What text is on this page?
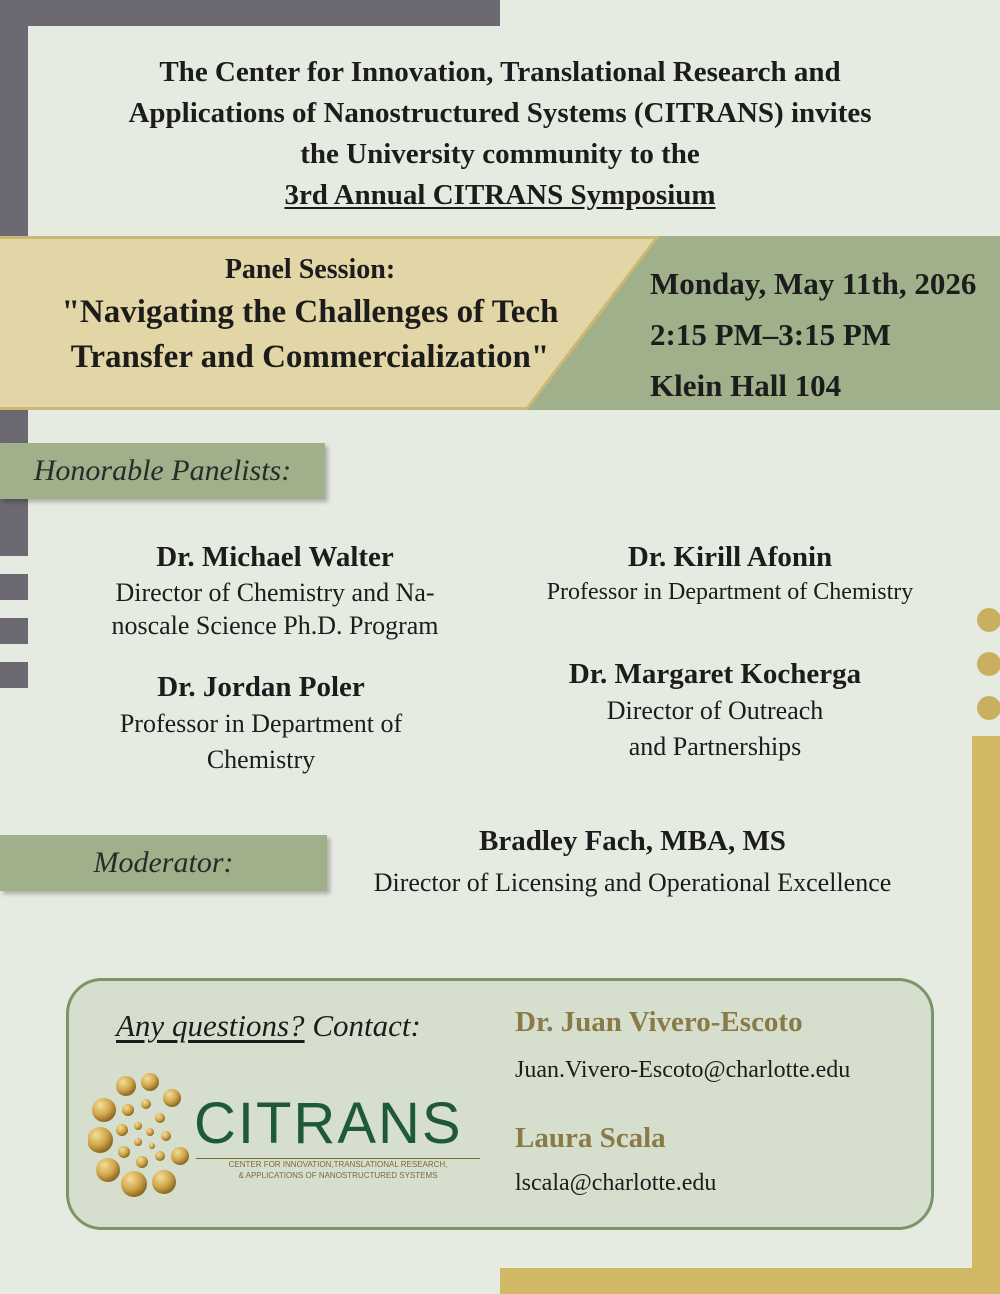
The Center for Innovation, Translational Research and
Applications of Nanostructured Systems (CITRANS) invites
the University community to the
3rd Annual CITRANS Symposium
Panel Session:
"Navigating the Challenges of Tech
Transfer and Commercialization"
Monday, May 11th, 2026
2:15 PM–3:15 PM
Klein Hall 104
Honorable Panelists:
Dr. Michael Walter
Director of Chemistry and Na-
noscale Science Ph.D. Program
Dr. Kirill Afonin
Professor in Department of Chemistry
Dr. Jordan Poler
Professor in Department of
Chemistry
Dr. Margaret Kocherga
Director of Outreach
and Partnerships
Moderator:
Bradley Fach, MBA, MS
Director of Licensing and Operational Excellence
Any questions? Contact:	Dr. Juan Vivero-Escoto
Juan.Vivero-Escoto@charlotte.edu
Laura Scala
lscala@charlotte.edu
CITRANS
CENTER FOR INNOVATION,TRANSLATIONAL RESEARCH,
& APPLICATIONS OF NANOSTRUCTURED SYSTEMS
